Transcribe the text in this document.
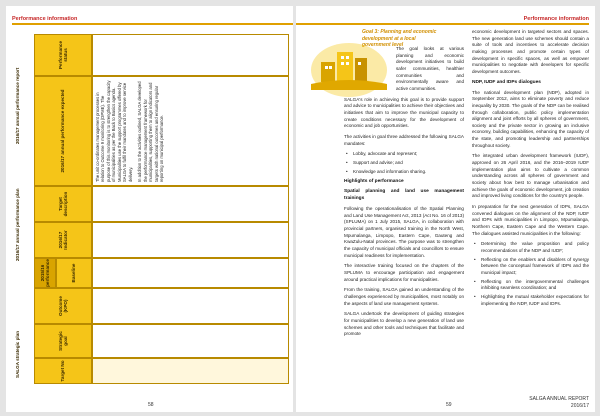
Performance information
SALGA strategic plan
2016/17 annual performance plan
2016/17 annual performance report
Target No
Strategic goal
Outcome (KPO)
2015/16 performance	Baseline
2016/17 Indicator
Target description
2016/17 annual performance expected
Performance status
The unit co-ordinates management processes in relation to Outcome 9 monitoring (DPME). The purpose of this monitoring is to strengthen the capacity of municipalities as per the Back to Basics agenda. Municipalities use the support programmes offered by SALGA to fulfil their mandates and to improve service delivery. In addition to the activities outlined, SALGA developed the performance management framework for municipalities, supporting them to align indicators and targets with national outcomes and ensuring regular reporting on municipal performance.
58
Performance information
Goal 3: Planning and economic development at a local government level

The goal looks at various planning and economic development initiatives to build safer communities, healthier communities and environmentally aware and active communities.

SALGA's role in achieving this goal is to provide support and advice to municipalities to achieve their objectives and initiatives that aim to improve the municipal capacity to create conditions necessary for the development of economic and job opportunities.

The activities in goal three addressed the following SALGA mandates:

• Lobby, advocate and represent;
• Support and advise; and
• Knowledge and information sharing.
Highlights of performance
Spatial planning and land use management trainings

Following the operationalisation of the Spatial Planning and Land Use Management Act, 2013 (Act No. 16 of 2013) (SPLUMA) on 1 July 2015, SALGA, in collaboration with provincial partners, organised training in the North West, Mpumalanga, Limpopo, Eastern Cape, Gauteng and KwaZulu-Natal provinces. The purpose was to strengthen the capacity of municipal officials and councillors to ensure municipal readiness for implementation.

The interactive training focused on the chapters of the SPLUMA to encourage participation and engagement around practical implications for municipalities.

From the training, SALGA gained an understanding of the challenges experienced by municipalities, most notably on the aspects of land use management systems.

SALGA undertook the development of guiding strategies for municipalities to develop a new generation of land use schemes and other tools and techniques that facilitate and promote

economic development in targeted sectors and spaces. The new generation land use schemes should contain a suite of tools and incentives to accelerate decision making processes and promote certain types of development in specific spaces, as well as empower municipalities to negotiate with developers for specific development outcomes.

NDP, IUDF and IDPs dialogues

The national development plan (NDP), adopted in September 2012, aims to eliminate poverty and reduce inequality by 2030. The goals of the NDP can be realised through collaboration, public policy implementation alignment and joint efforts by all spheres of government, society and the private sector in growing an inclusive economy, building capabilities, enhancing the capacity of the state, and promoting leadership and partnerships throughout society.

The integrated urban development framework (IUDF), approved on 26 April 2016, and the 2016–2019 IUDF implementation plan aims to cultivate a common understanding across all spheres of government and society about how best to manage urbanisation and achieve the goals of economic development, job creation and improved living conditions for the country's people.

In preparation for the next generation of IDPs, SALGA convened dialogues on the alignment of the NDP, IUDF and IDPs with municipalities in Limpopo, Mpumalanga, Northern Cape, Eastern Cape and the Western Cape. The dialogues assisted municipalities in the following:

• Determining the value proposition and policy recommendations of the NDP and IUDF;
• Reflecting on the enablers and disablers of synergy between the conceptual framework of IDPs and the municipal impact;
• Reflecting on the intergovernmental challenges inhibiting seamless coordination; and
• Highlighting the mutual stakeholder expectations for implementing the NDP, IUDF and IDPs.
59
SALGA ANNUAL REPORT
2016/17
